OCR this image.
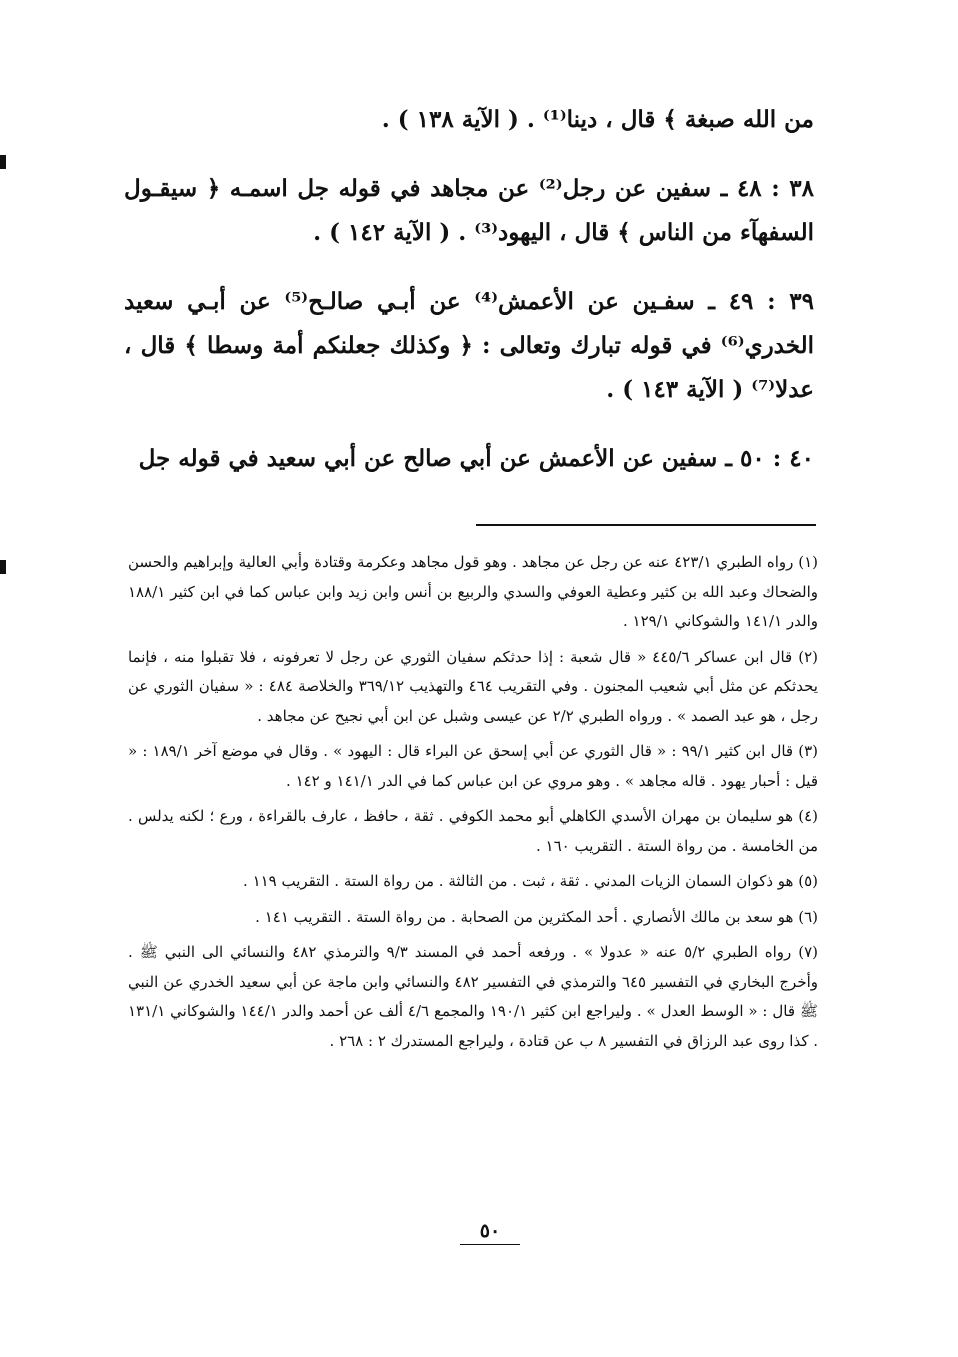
من الله صبغة ﴾ قال ، دينا⁽¹⁾ . ( الآية ١٣٨ ) .

٣٨ : ٤٨ ـ سفين عن رجل⁽²⁾ عن مجاهد في قوله جل اسمـه ﴿ سيقـول السفهآء من الناس ﴾ قال ، اليهود⁽³⁾ . ( الآية ١٤٢ ) .

٣٩ : ٤٩ ـ سفـين عن الأعمش⁽⁴⁾ عن أبـي صالـح⁽⁵⁾ عن أبـي سعيد الخدري⁽⁶⁾ في قوله تبارك وتعالى : ﴿ وكذلك جعلنكم أمة وسطا ﴾ قال ، عدلا⁽⁷⁾ ( الآية ١٤٣ ) .

٤٠ : ٥٠ ـ سفين عن الأعمش عن أبي صالح عن أبي سعيد في قوله جل

(١) رواه الطبري ٤٢٣/١ عنه عن رجل عن مجاهد . وهو قول مجاهد وعكرمة وقتادة وأبي العالية وإبراهيم والحسن والضحاك وعبد الله بن كثير وعطية العوفي والسدي والربيع بن أنس وابن زيد وابن عباس كما في ابن كثير ١٨٨/١ والدر ١٤١/١ والشوكاني ١٢٩/١ .

(٢) قال ابن عساكر ٤٤٥/٦ « قال شعبة : إذا حدثكم سفيان الثوري عن رجل لا تعرفونه ، فلا تقبلوا منه ، فإنما يحدثكم عن مثل أبي شعيب المجنون . وفي التقريب ٤٦٤ والتهذيب ٣٦٩/١٢ والخلاصة ٤٨٤ : « سفيان الثوري عن رجل ، هو عبد الصمد » . ورواه الطبري ٢/٢ عن عيسى وشبل عن ابن أبي نجيح عن مجاهد .

(٣) قال ابن كثير ٩٩/١ : « قال الثوري عن أبي إسحق عن البراء قال : اليهود » . وقال في موضع آخر ١٨٩/١ : « قيل : أحبار يهود . قاله مجاهد » . وهو مروي عن ابن عباس كما في الدر ١٤١/١ و ١٤٢ .

(٤) هو سليمان بن مهران الأسدي الكاهلي أبو محمد الكوفي . ثقة ، حافظ ، عارف بالقراءة ، ورع ؛ لكنه يدلس . من الخامسة . من رواة الستة . التقريب ١٦٠ .

(٥) هو ذكوان السمان الزيات المدني . ثقة ، ثبت . من الثالثة . من رواة الستة . التقريب ١١٩ .

(٦) هو سعد بن مالك الأنصاري . أحد المكثرين من الصحابة . من رواة الستة . التقريب ١٤١ .

(٧) رواه الطبري ٥/٢ عنه « عدولا » . ورفعه أحمد في المسند ٩/٣ والترمذي ٤٨٢ والنسائي الى النبي ﷺ . وأخرج البخاري في التفسير ٦٤٥ والترمذي في التفسير ٤٨٢ والنسائي وابن ماجة عن أبي سعيد الخدري عن النبي ﷺ قال : « الوسط العدل » . وليراجع ابن كثير ١٩٠/١ والمجمع ٤/٦ ألف عن أحمد والدر ١٤٤/١ والشوكاني ١٣١/١ . كذا روى عبد الرزاق في التفسير ٨ ب عن قتادة ، وليراجع المستدرك ٢ : ٢٦٨ .

٥٠
